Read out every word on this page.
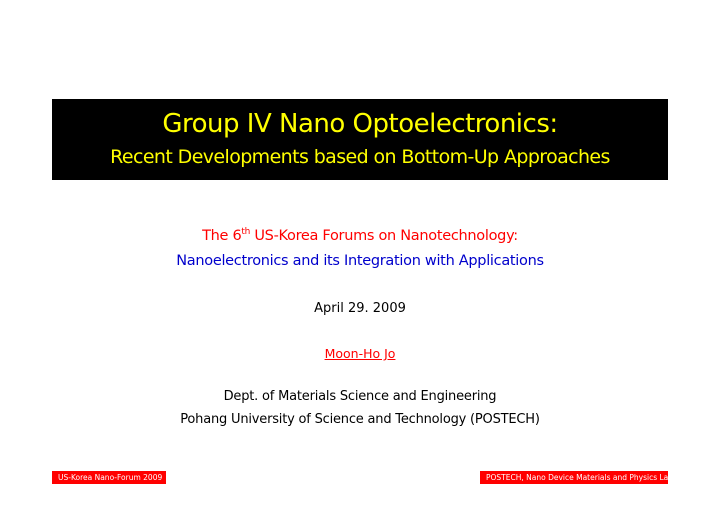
Group IV Nano Optoelectronics:
Recent Developments based on Bottom-Up Approaches
The 6th US-Korea Forums on Nanotechnology:
Nanoelectronics and its Integration with Applications
April 29. 2009
Moon-Ho Jo
Dept. of Materials Science and Engineering
Pohang University of Science and Technology (POSTECH)
US-Korea Nano-Forum 2009	POSTECH, Nano Device Materials and Physics Lab
